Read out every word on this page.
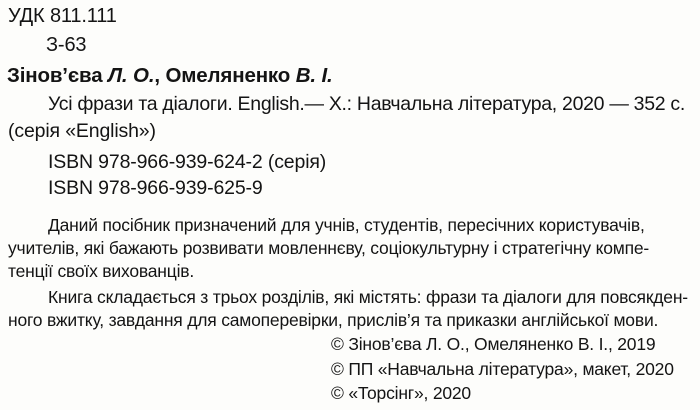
УДК 811.111
З-63
Зінов’єва Л. О., Омеляненко В. І.
Усі фрази та діалоги. English.— Х.: Навчальна література, 2020 — 352 с.
(серія «English»)
ISBN 978-966-939-624-2 (серія)
ISBN 978-966-939-625-9
Даний посібник призначений для учнів, студентів, пересічних користувачів,
учителів, які бажають розвивати мовленнєву, соціокультурну і стратегічну компе-
тенції своїх вихованців.
Книга складається з трьох розділів, які містять: фрази та діалоги для повсякден-
ного вжитку, завдання для самоперевірки, прислів’я та приказки англійської мови.
© Зінов’єва Л. О., Омеляненко В. І., 2019
© ПП «Навчальна література», макет, 2020
© «Торсінг», 2020
